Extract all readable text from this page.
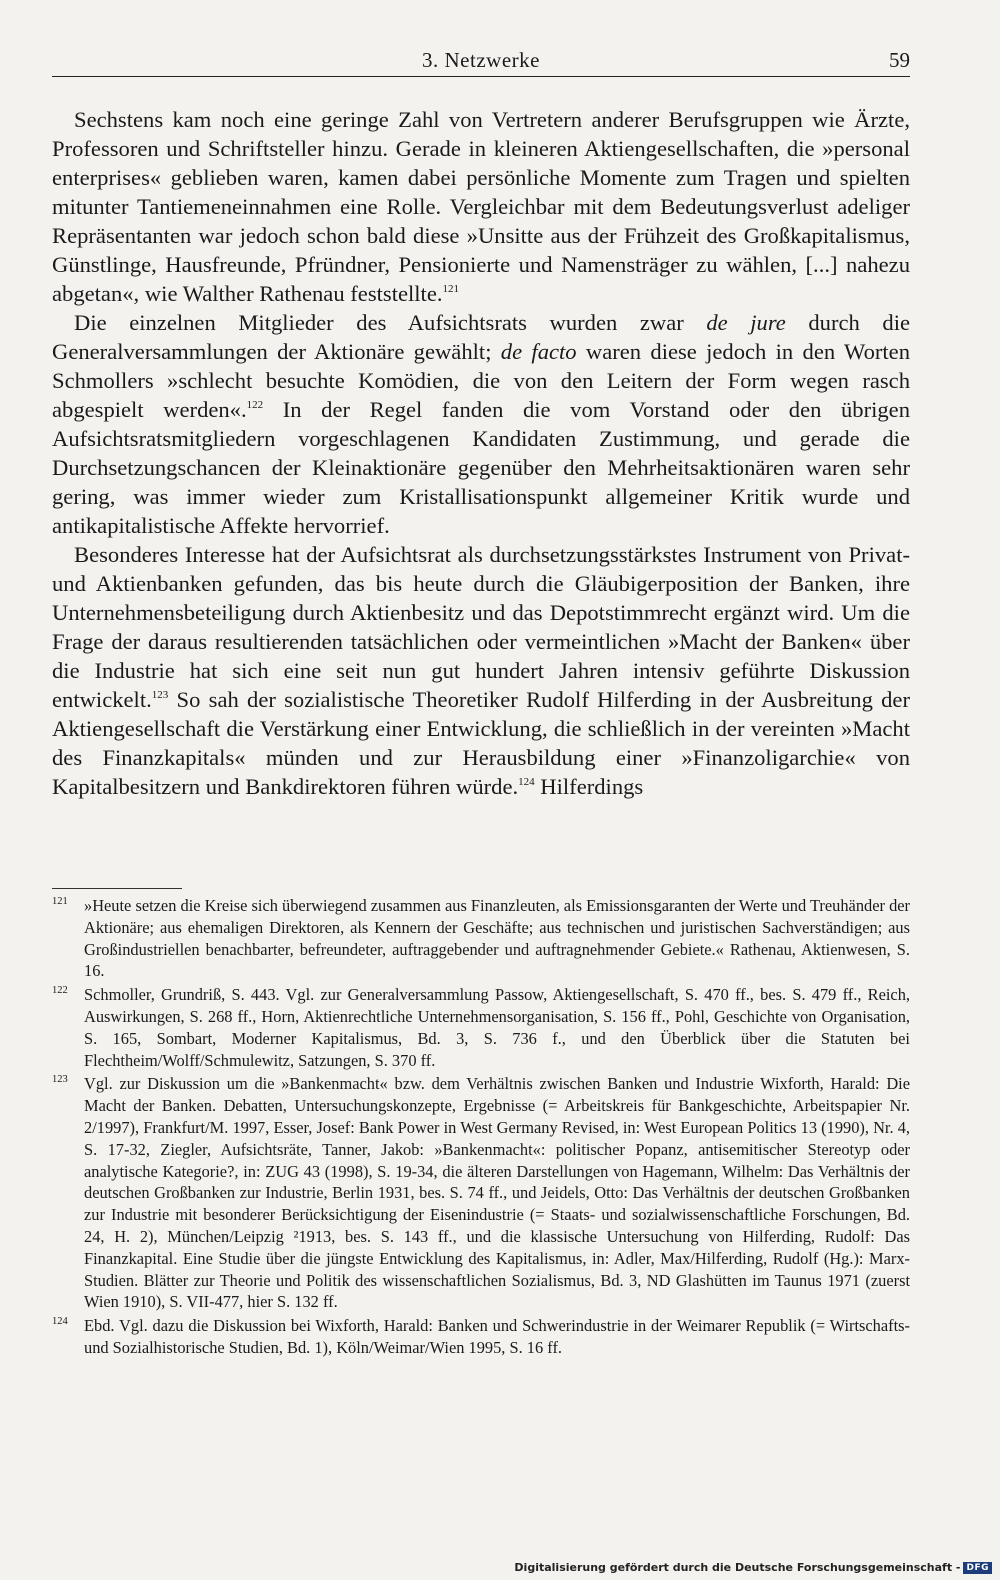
3. Netzwerke	59

Sechstens kam noch eine geringe Zahl von Vertretern anderer Berufsgruppen wie Ärzte, Professoren und Schriftsteller hinzu. Gerade in kleineren Aktiengesellschaften, die »personal enterprises« geblieben waren, kamen dabei persönliche Momente zum Tragen und spielten mitunter Tantiemeneinnahmen eine Rolle. Vergleichbar mit dem Bedeutungsverlust adeliger Repräsentanten war jedoch schon bald diese »Unsitte aus der Frühzeit des Großkapitalismus, Günstlinge, Hausfreunde, Pfründner, Pensionierte und Namensträger zu wählen, [...] nahezu abgetan«, wie Walther Rathenau feststellte.$^{121}$

Die einzelnen Mitglieder des Aufsichtsrats wurden zwar de jure durch die Generalversammlungen der Aktionäre gewählt; de facto waren diese jedoch in den Worten Schmollers »schlecht besuchte Komödien, die von den Leitern der Form wegen rasch abgespielt werden«.$^{122}$ In der Regel fanden die vom Vorstand oder den übrigen Aufsichtsratsmitgliedern vorgeschlagenen Kandidaten Zustimmung, und gerade die Durchsetzungschancen der Kleinaktionäre gegenüber den Mehrheitsaktionären waren sehr gering, was immer wieder zum Kristallisationspunkt allgemeiner Kritik wurde und antikapitalistische Affekte hervorrief.

Besonderes Interesse hat der Aufsichtsrat als durchsetzungsstärkstes Instrument von Privat- und Aktienbanken gefunden, das bis heute durch die Gläubigerposition der Banken, ihre Unternehmensbeteiligung durch Aktienbesitz und das Depotstimmrecht ergänzt wird. Um die Frage der daraus resultierenden tatsächlichen oder vermeintlichen »Macht der Banken« über die Industrie hat sich eine seit nun gut hundert Jahren intensiv geführte Diskussion entwickelt.$^{123}$ So sah der sozialistische Theoretiker Rudolf Hilferding in der Ausbreitung der Aktiengesellschaft die Verstärkung einer Entwicklung, die schließlich in der vereinten »Macht des Finanzkapitals« münden und zur Herausbildung einer »Finanzoligarchie« von Kapitalbesitzern und Bankdirektoren führen würde.$^{124}$ Hilferdings

121 »Heute setzen die Kreise sich überwiegend zusammen aus Finanzleuten, als Emissionsgaranten der Werte und Treuhänder der Aktionäre; aus ehemaligen Direktoren, als Kennern der Geschäfte; aus technischen und juristischen Sachverständigen; aus Großindustriellen benachbarter, befreundeter, auftraggebender und auftragnehmender Gebiete.« Rathenau, Aktienwesen, S. 16.
122 Schmoller, Grundriß, S. 443. Vgl. zur Generalversammlung Passow, Aktiengesellschaft, S. 470 ff., bes. S. 479 ff., Reich, Auswirkungen, S. 268 ff., Horn, Aktienrechtliche Unternehmensorganisation, S. 156 ff., Pohl, Geschichte von Organisation, S. 165, Sombart, Moderner Kapitalismus, Bd. 3, S. 736 f., und den Überblick über die Statuten bei Flechtheim/Wolff/Schmulewitz, Satzungen, S. 370 ff.
123 Vgl. zur Diskussion um die »Bankenmacht« bzw. dem Verhältnis zwischen Banken und Industrie Wixforth, Harald: Die Macht der Banken. Debatten, Untersuchungskonzepte, Ergebnisse (= Arbeitskreis für Bankgeschichte, Arbeitspapier Nr. 2/1997), Frankfurt/M. 1997, Esser, Josef: Bank Power in West Germany Revised, in: West European Politics 13 (1990), Nr. 4, S. 17-32, Ziegler, Aufsichtsräte, Tanner, Jakob: »Bankenmacht«: politischer Popanz, antisemitischer Stereotyp oder analytische Kategorie?, in: ZUG 43 (1998), S. 19-34, die älteren Darstellungen von Hagemann, Wilhelm: Das Verhältnis der deutschen Großbanken zur Industrie, Berlin 1931, bes. S. 74 ff., und Jeidels, Otto: Das Verhältnis der deutschen Großbanken zur Industrie mit besonderer Berücksichtigung der Eisenindustrie (= Staats- und sozialwissenschaftliche Forschungen, Bd. 24, H. 2), München/Leipzig ²1913, bes. S. 143 ff., und die klassische Untersuchung von Hilferding, Rudolf: Das Finanzkapital. Eine Studie über die jüngste Entwicklung des Kapitalismus, in: Adler, Max/Hilferding, Rudolf (Hg.): Marx-Studien. Blätter zur Theorie und Politik des wissenschaftlichen Sozialismus, Bd. 3, ND Glashütten im Taunus 1971 (zuerst Wien 1910), S. VII-477, hier S. 132 ff.
124 Ebd. Vgl. dazu die Diskussion bei Wixforth, Harald: Banken und Schwerindustrie in der Weimarer Republik (= Wirtschafts- und Sozialhistorische Studien, Bd. 1), Köln/Weimar/Wien 1995, S. 16 ff.
Digitalisierung gefördert durch die Deutsche Forschungsgemeinschaft - DFG
